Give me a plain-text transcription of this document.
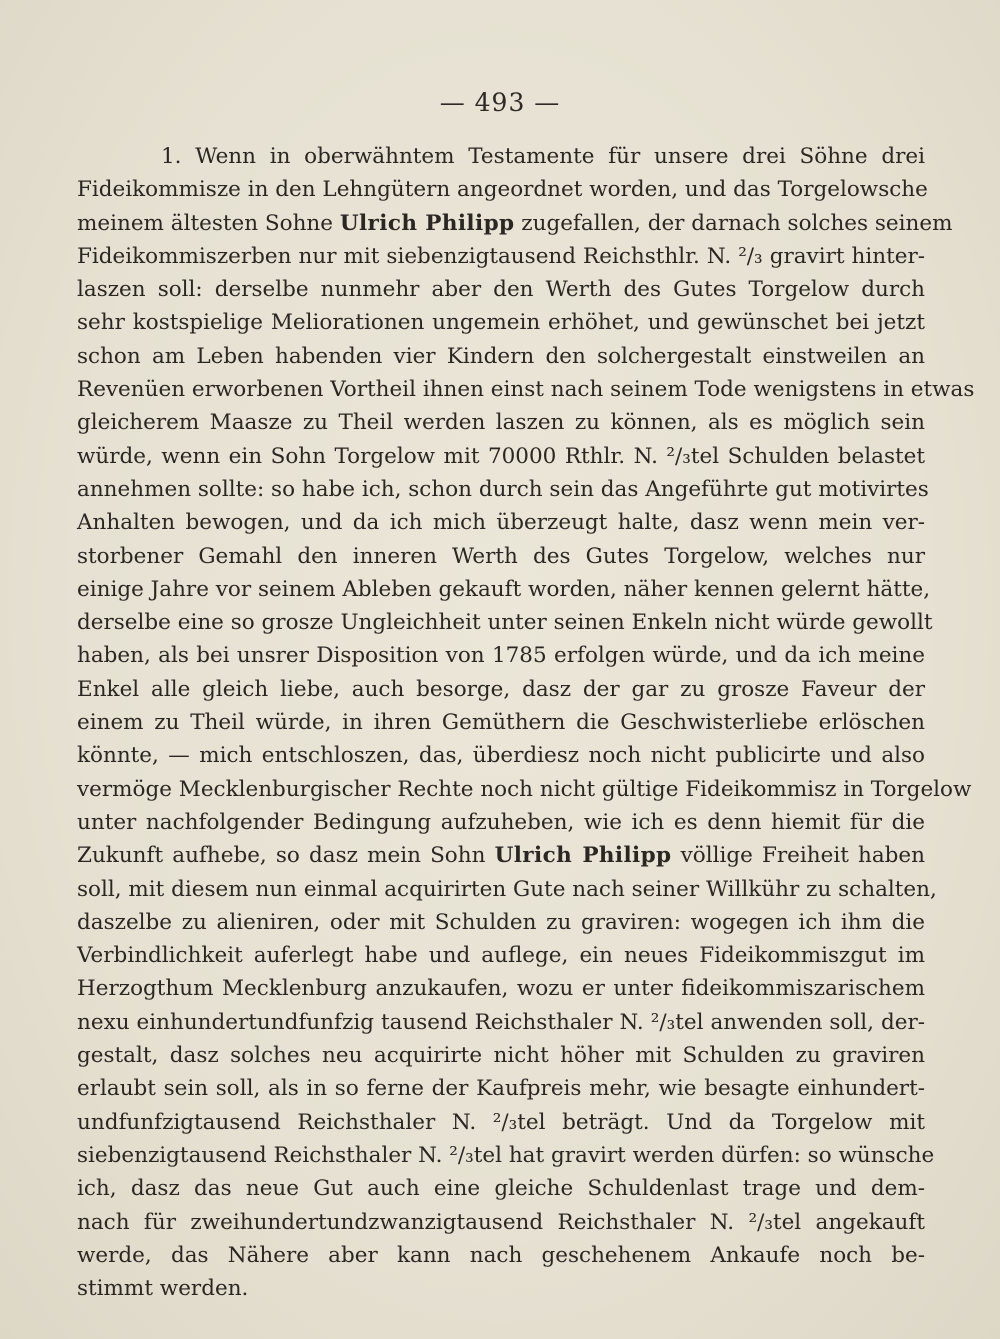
— 493 —
1. Wenn in oberwähntem Testamente für unsere drei Söhne drei
Fideikommisze in den Lehngütern angeordnet worden, und das Torgelowsche
meinem ältesten Sohne Ulrich Philipp zugefallen, der darnach solches seinem
Fideikommiszerben nur mit siebenzigtausend Reichsthlr. N. ²/₃ gravirt hinter-
laszen soll: derselbe nunmehr aber den Werth des Gutes Torgelow durch
sehr kostspielige Meliorationen ungemein erhöhet, und gewünschet bei jetzt
schon am Leben habenden vier Kindern den solchergestalt einstweilen an
Revenüen erworbenen Vortheil ihnen einst nach seinem Tode wenigstens in etwas
gleicherem Maasze zu Theil werden laszen zu können, als es möglich sein
würde, wenn ein Sohn Torgelow mit 70000 Rthlr. N. ²/₃tel Schulden belastet
annehmen sollte: so habe ich, schon durch sein das Angeführte gut motivirtes
Anhalten bewogen, und da ich mich überzeugt halte, dasz wenn mein ver-
storbener Gemahl den inneren Werth des Gutes Torgelow, welches nur
einige Jahre vor seinem Ableben gekauft worden, näher kennen gelernt hätte,
derselbe eine so grosze Ungleichheit unter seinen Enkeln nicht würde gewollt
haben, als bei unsrer Disposition von 1785 erfolgen würde, und da ich meine
Enkel alle gleich liebe, auch besorge, dasz der gar zu grosze Faveur der
einem zu Theil würde, in ihren Gemüthern die Geschwisterliebe erlöschen
könnte, — mich entschloszen, das, überdiesz noch nicht publicirte und also
vermöge Mecklenburgischer Rechte noch nicht gültige Fideikommisz in Torgelow
unter nachfolgender Bedingung aufzuheben, wie ich es denn hiemit für die
Zukunft aufhebe, so dasz mein Sohn Ulrich Philipp völlige Freiheit haben
soll, mit diesem nun einmal acquirirten Gute nach seiner Willkühr zu schalten,
daszelbe zu alieniren, oder mit Schulden zu graviren: wogegen ich ihm die
Verbindlichkeit auferlegt habe und auflege, ein neues Fideikommiszgut im
Herzogthum Mecklenburg anzukaufen, wozu er unter fideikommiszarischem
nexu einhundertundfunfzig tausend Reichsthaler N. ²/₃tel anwenden soll, der-
gestalt, dasz solches neu acquirirte nicht höher mit Schulden zu graviren
erlaubt sein soll, als in so ferne der Kaufpreis mehr, wie besagte einhundert-
undfunfzigtausend Reichsthaler N. ²/₃tel beträgt. Und da Torgelow mit
siebenzigtausend Reichsthaler N. ²/₃tel hat gravirt werden dürfen: so wünsche
ich, dasz das neue Gut auch eine gleiche Schuldenlast trage und dem-
nach für zweihundertundzwanzigtausend Reichsthaler N. ²/₃tel angekauft
werde, das Nähere aber kann nach geschehenem Ankaufe noch be-
stimmt werden.
